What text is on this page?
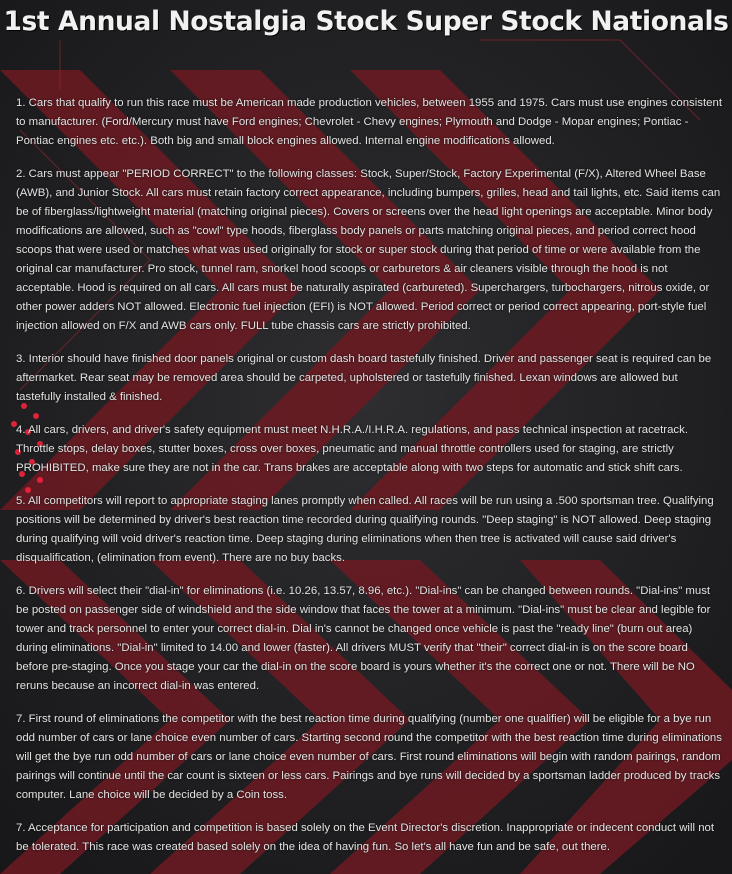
1st Annual Nostalgia Stock Super Stock Nationals

1. Cars that qualify to run this race must be American made production vehicles, between 1955 and 1975. Cars must use engines consistent to manufacturer. (Ford/Mercury must have Ford engines; Chevrolet - Chevy engines; Plymouth and Dodge - Mopar engines; Pontiac - Pontiac engines etc. etc.). Both big and small block engines allowed. Internal engine modifications allowed.

2. Cars must appear "PERIOD CORRECT" to the following classes: Stock, Super/Stock, Factory Experimental (F/X), Altered Wheel Base (AWB), and Junior Stock. All cars must retain factory correct appearance, including bumpers, grilles, head and tail lights, etc. Said items can be of fiberglass/lightweight material (matching original pieces). Covers or screens over the head light openings are acceptable. Minor body modifications are allowed, such as "cowl" type hoods, fiberglass body panels or parts matching original pieces, and period correct hood scoops that were used or matches what was used originally for stock or super stock during that period of time or were available from the original car manufacturer. Pro stock, tunnel ram, snorkel hood scoops or carburetors & air cleaners visible through the hood is not acceptable. Hood is required on all cars. All cars must be naturally aspirated (carbureted). Superchargers, turbochargers, nitrous oxide, or other power adders NOT allowed. Electronic fuel injection (EFI) is NOT allowed. Period correct or period correct appearing, port-style fuel injection allowed on F/X and AWB cars only. FULL tube chassis cars are strictly prohibited.

3. Interior should have finished door panels original or custom dash board tastefully finished. Driver and passenger seat is required can be aftermarket. Rear seat may be removed area should be carpeted, upholstered or tastefully finished. Lexan windows are allowed but tastefully installed & finished.

4. All cars, drivers, and driver's safety equipment must meet N.H.R.A./I.H.R.A. regulations, and pass technical inspection at racetrack. Throttle stops, delay boxes, stutter boxes, cross over boxes, pneumatic and manual throttle controllers used for staging, are strictly PROHIBITED, make sure they are not in the car. Trans brakes are acceptable along with two steps for automatic and stick shift cars.

5. All competitors will report to appropriate staging lanes promptly when called. All races will be run using a .500 sportsman tree. Qualifying positions will be determined by driver's best reaction time recorded during qualifying rounds. "Deep staging" is NOT allowed. Deep staging during qualifying will void driver's reaction time. Deep staging during eliminations when then tree is activated will cause said driver's disqualification, (elimination from event). There are no buy backs.

6. Drivers will select their "dial-in" for eliminations (i.e. 10.26, 13.57, 8.96, etc.). "Dial-ins" can be changed between rounds. "Dial-ins" must be posted on passenger side of windshield and the side window that faces the tower at a minimum. "Dial-ins" must be clear and legible for tower and track personnel to enter your correct dial-in. Dial in's cannot be changed once vehicle is past the "ready line" (burn out area) during eliminations. "Dial-in" limited to 14.00 and lower (faster). All drivers MUST verify that "their" correct dial-in is on the score board before pre-staging. Once you stage your car the dial-in on the score board is yours whether it's the correct one or not. There will be NO reruns because an incorrect dial-in was entered.

7. First round of eliminations the competitor with the best reaction time during qualifying (number one qualifier) will be eligible for a bye run odd number of cars or lane choice even number of cars. Starting second round the competitor with the best reaction time during eliminations will get the bye run odd number of cars or lane choice even number of cars. First round eliminations will begin with random pairings, random pairings will continue until the car count is sixteen or less cars. Pairings and bye runs will decided by a sportsman ladder produced by tracks computer. Lane choice will be decided by a Coin toss.

7. Acceptance for participation and competition is based solely on the Event Director's discretion. Inappropriate or indecent conduct will not be tolerated. This race was created based solely on the idea of having fun. So let's all have fun and be safe, out there.
